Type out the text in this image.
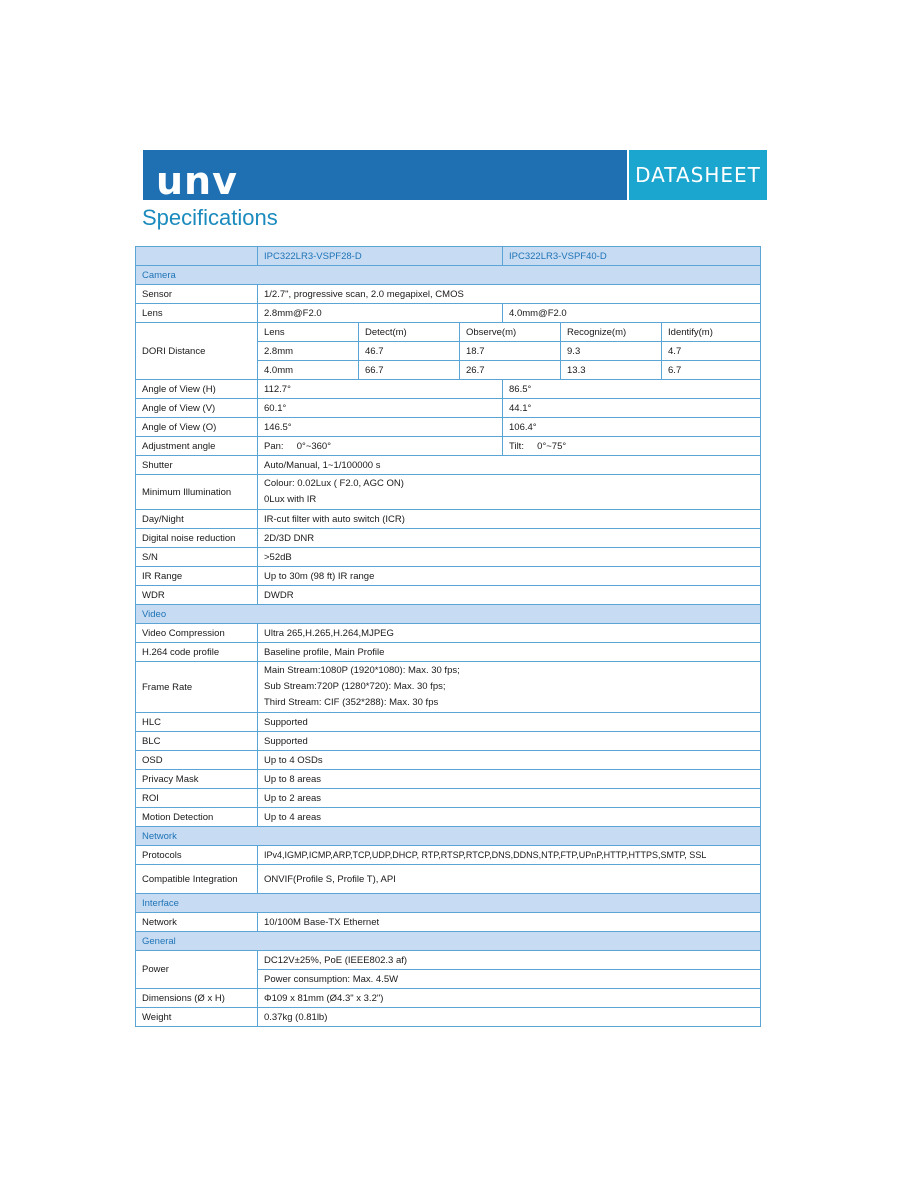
unv	DATASHEET
Specifications
	IPC322LR3-VSPF28-D			IPC322LR3-VSPF40-D		
Camera						
Sensor	1/2.7", progressive scan, 2.0 megapixel, CMOS					
Lens	2.8mm@F2.0			4.0mm@F2.0		
DORI Distance	Lens	Detect(m)	Observe(m)		Recognize(m)	Identify(m)
	2.8mm	46.7	18.7		9.3	4.7
	4.0mm	66.7	26.7		13.3	6.7
Angle of View (H)	112.7°			86.5°		
Angle of View (V)	60.1°			44.1°		
Angle of View (O)	146.5°			106.4°		
Adjustment angle	Pan:     0°~360°			Tilt:     0°~75°		
Shutter	Auto/Manual, 1~1/100000 s					
Minimum Illumination	Colour: 0.02Lux ( F2.0, AGC ON)
0Lux with IR					

Day/Night	IR-cut filter with auto switch (ICR)					
Digital noise reduction	2D/3D DNR					
S/N	>52dB					
IR Range	Up to 30m (98 ft) IR range					
WDR	DWDR					
Video						
Video Compression	Ultra 265,H.265,H.264,MJPEG					
H.264 code profile	Baseline profile, Main Profile					
Frame Rate	Main Stream:1080P (1920*1080): Max. 30 fps;
Sub Stream:720P (1280*720): Max. 30 fps;
Third Stream: CIF (352*288): Max. 30 fps					

HLC	Supported					
BLC	Supported					
OSD	Up to 4 OSDs					
Privacy Mask	Up to 8 areas					
ROI	Up to 2 areas					
Motion Detection	Up to 4 areas					
Network						
Protocols	IPv4,IGMP,ICMP,ARP,TCP,UDP,DHCP, RTP,RTSP,RTCP,DNS,DDNS,NTP,FTP,UPnP,HTTP,HTTPS,SMTP, SSL					
Compatible Integration	ONVIF(Profile S, Profile T), API					
Interface						
Network	10/100M Base-TX Ethernet					
General						
Power	DC12V±25%, PoE (IEEE802.3 af)					
	Power consumption: Max. 4.5W					
Dimensions (Ø x H)	Φ109 x 81mm (Ø4.3" x 3.2")					
Weight	0.37kg (0.81lb)					
